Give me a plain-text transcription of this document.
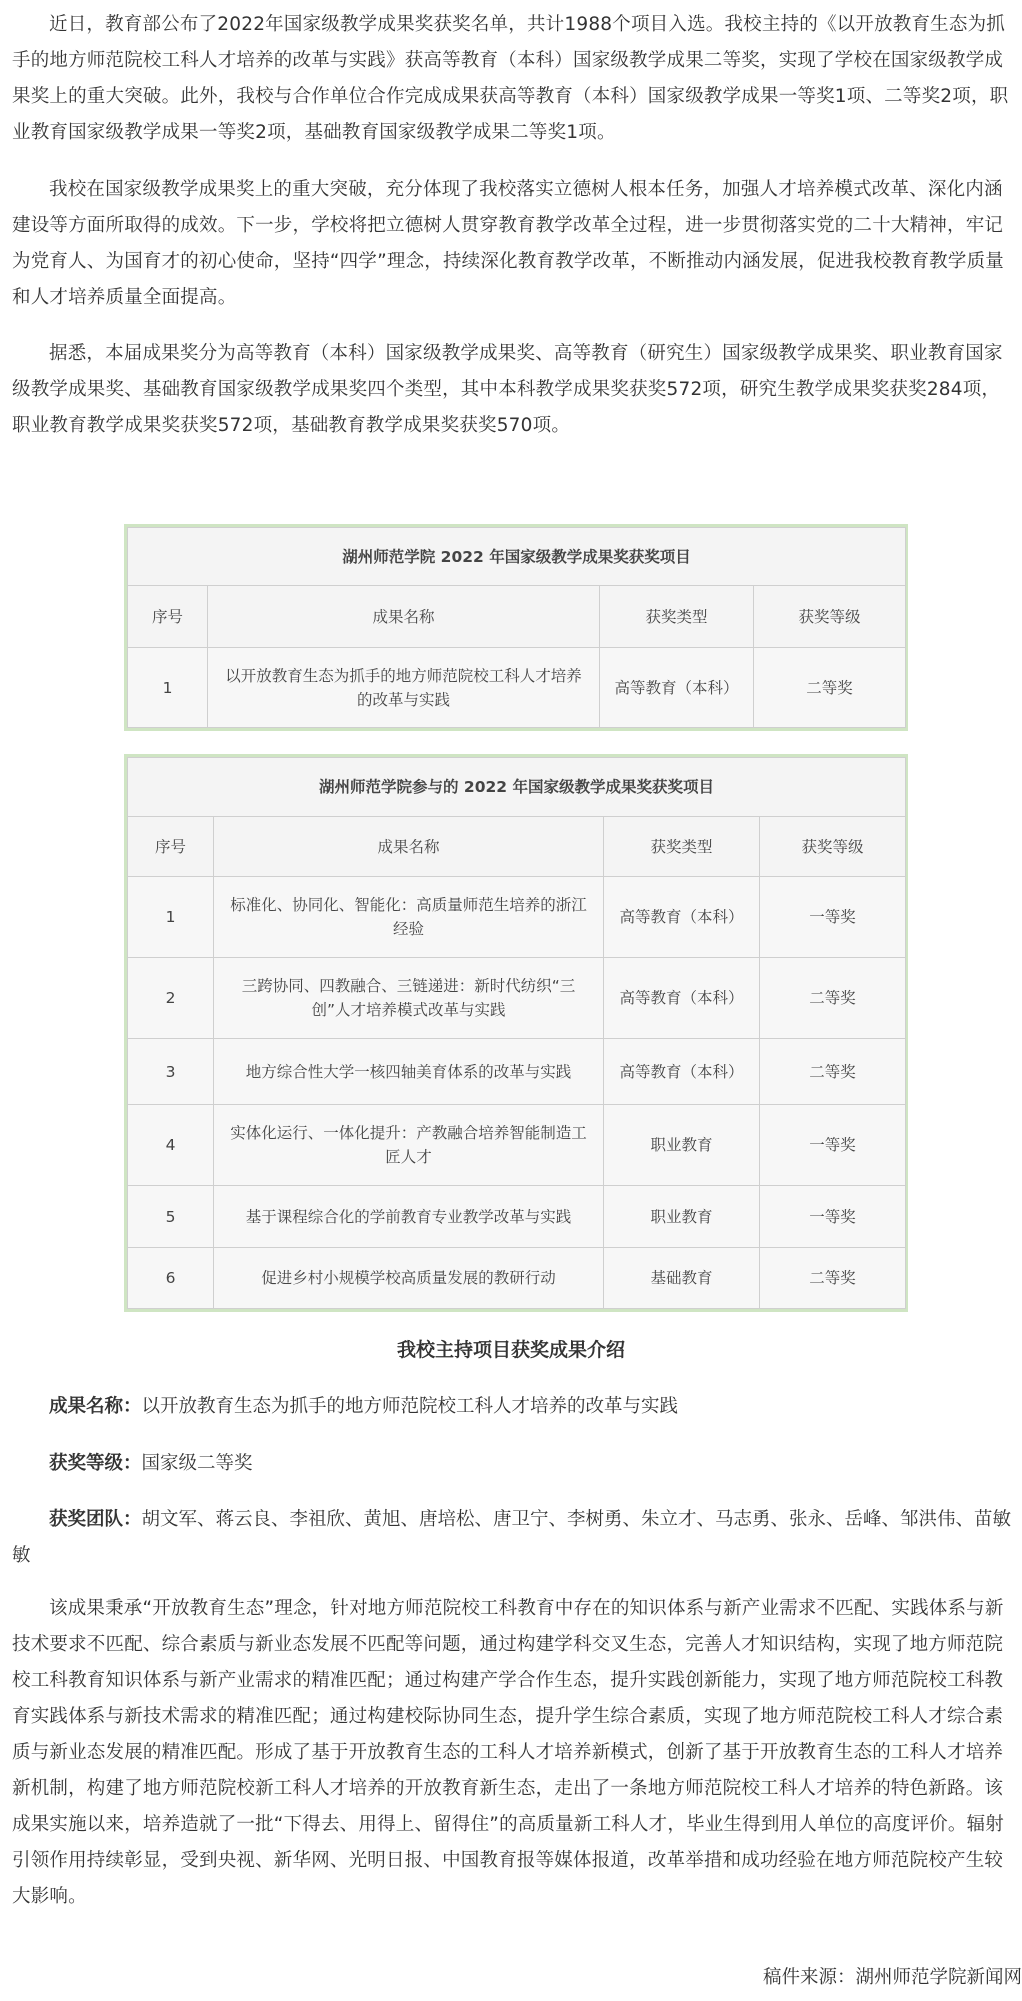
近日，教育部公布了2022年国家级教学成果奖获奖名单，共计1988个项目入选。我校主持的《以开放教育生态为抓手的地方师范院校工科人才培养的改革与实践》获高等教育（本科）国家级教学成果二等奖，实现了学校在国家级教学成果奖上的重大突破。此外，我校与合作单位合作完成成果获高等教育（本科）国家级教学成果一等奖1项、二等奖2项，职业教育国家级教学成果一等奖2项，基础教育国家级教学成果二等奖1项。

我校在国家级教学成果奖上的重大突破，充分体现了我校落实立德树人根本任务，加强人才培养模式改革、深化内涵建设等方面所取得的成效。下一步，学校将把立德树人贯穿教育教学改革全过程，进一步贯彻落实党的二十大精神，牢记为党育人、为国育才的初心使命，坚持“四学”理念，持续深化教育教学改革，不断推动内涵发展，促进我校教育教学质量和人才培养质量全面提高。

据悉，本届成果奖分为高等教育（本科）国家级教学成果奖、高等教育（研究生）国家级教学成果奖、职业教育国家级教学成果奖、基础教育国家级教学成果奖四个类型，其中本科教学成果奖获奖572项，研究生教学成果奖获奖284项，职业教育教学成果奖获奖572项，基础教育教学成果奖获奖570项。

湖州师范学院 2022 年国家级教学成果奖获奖项目			
序号	成果名称	获奖类型	获奖等级
1	以开放教育生态为抓手的地方师范院校工科人才培养的改革与实践	高等教育（本科）	二等奖
湖州师范学院参与的 2022 年国家级教学成果奖获奖项目			
序号	成果名称	获奖类型	获奖等级
1	标准化、协同化、智能化：高质量师范生培养的浙江经验	高等教育（本科）	一等奖
2	三跨协同、四教融合、三链递进：新时代纺织“三创”人才培养模式改革与实践	高等教育（本科）	二等奖
3	地方综合性大学一核四轴美育体系的改革与实践	高等教育（本科）	二等奖
4	实体化运行、一体化提升：产教融合培养智能制造工匠人才	职业教育	一等奖
5	基于课程综合化的学前教育专业教学改革与实践	职业教育	一等奖
6	促进乡村小规模学校高质量发展的教研行动	基础教育	二等奖
我校主持项目获奖成果介绍

成果名称：以开放教育生态为抓手的地方师范院校工科人才培养的改革与实践

获奖等级：国家级二等奖

获奖团队：胡文军、蒋云良、李祖欣、黄旭、唐培松、唐卫宁、李树勇、朱立才、马志勇、张永、岳峰、邹洪伟、苗敏敏

该成果秉承“开放教育生态”理念，针对地方师范院校工科教育中存在的知识体系与新产业需求不匹配、实践体系与新技术要求不匹配、综合素质与新业态发展不匹配等问题，通过构建学科交叉生态，完善人才知识结构，实现了地方师范院校工科教育知识体系与新产业需求的精准匹配；通过构建产学合作生态，提升实践创新能力，实现了地方师范院校工科教育实践体系与新技术需求的精准匹配；通过构建校际协同生态，提升学生综合素质，实现了地方师范院校工科人才综合素质与新业态发展的精准匹配。形成了基于开放教育生态的工科人才培养新模式，创新了基于开放教育生态的工科人才培养新机制，构建了地方师范院校新工科人才培养的开放教育新生态，走出了一条地方师范院校工科人才培养的特色新路。该成果实施以来，培养造就了一批“下得去、用得上、留得住”的高质量新工科人才，毕业生得到用人单位的高度评价。辐射引领作用持续彰显，受到央视、新华网、光明日报、中国教育报等媒体报道，改革举措和成功经验在地方师范院校产生较大影响。

稿件来源：湖州师范学院新闻网
